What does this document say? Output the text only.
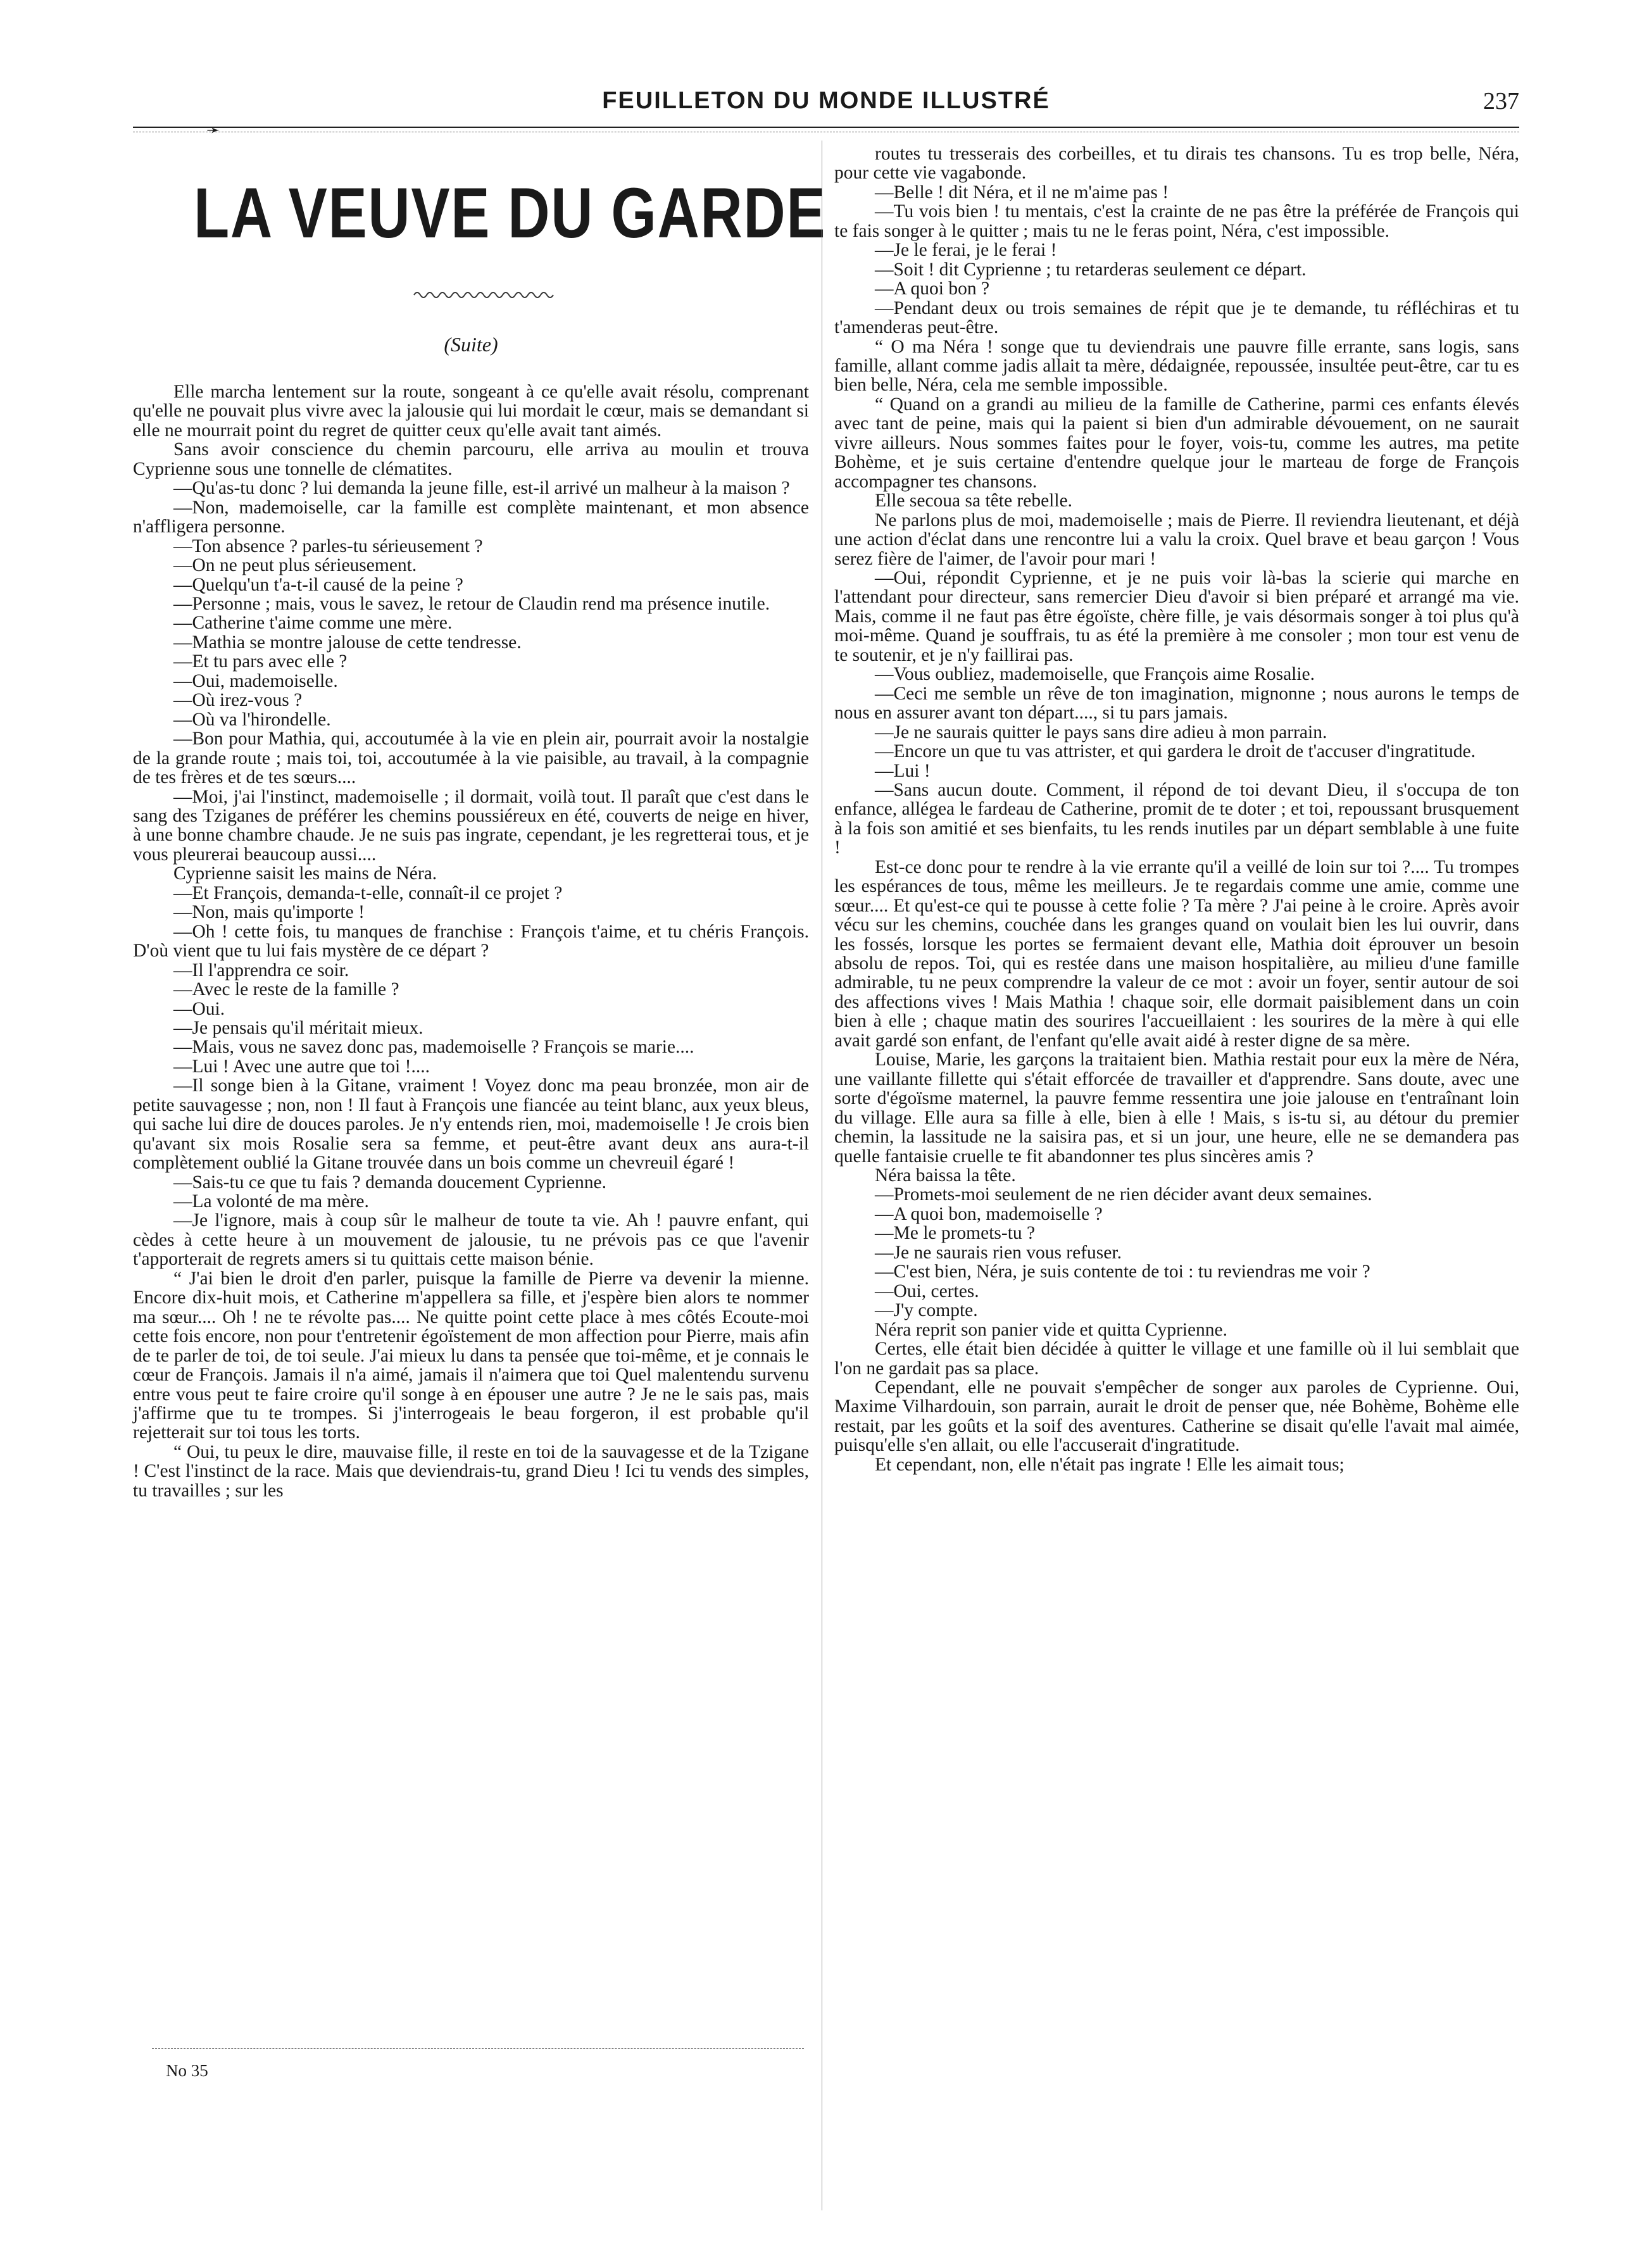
FEUILLETON DU MONDE ILLUSTRÉ	237
➛
LA VEUVE DU GARDE
(Suite)

Elle marcha lentement sur la route, songeant à ce qu'elle avait résolu, comprenant qu'elle ne pouvait plus vivre avec la jalousie qui lui mordait le cœur, mais se demandant si elle ne mourrait point du regret de quitter ceux qu'elle avait tant aimés.

Sans avoir conscience du chemin parcouru, elle arriva au moulin et trouva Cyprienne sous une tonnelle de clématites.

—Qu'as-tu donc ? lui demanda la jeune fille, est-il arrivé un malheur à la maison ?

—Non, mademoiselle, car la famille est complète maintenant, et mon absence n'affligera personne.

—Ton absence ? parles-tu sérieusement ?

—On ne peut plus sérieusement.

—Quelqu'un t'a-t-il causé de la peine ?

—Personne ; mais, vous le savez, le retour de Claudin rend ma présence inutile.

—Catherine t'aime comme une mère.

—Mathia se montre jalouse de cette tendresse.

—Et tu pars avec elle ?

—Oui, mademoiselle.

—Où irez-vous ?

—Où va l'hirondelle.

—Bon pour Mathia, qui, accoutumée à la vie en plein air, pourrait avoir la nostalgie de la grande route ; mais toi, toi, accoutumée à la vie paisible, au travail, à la compagnie de tes frères et de tes sœurs....

—Moi, j'ai l'instinct, mademoiselle ; il dormait, voilà tout. Il paraît que c'est dans le sang des Tziganes de préférer les chemins poussiéreux en été, couverts de neige en hiver, à une bonne chambre chaude. Je ne suis pas ingrate, cependant, je les regretterai tous, et je vous pleurerai beaucoup aussi....

Cyprienne saisit les mains de Néra.

—Et François, demanda-t-elle, connaît-il ce projet ?

—Non, mais qu'importe !

—Oh ! cette fois, tu manques de franchise : François t'aime, et tu chéris François. D'où vient que tu lui fais mystère de ce départ ?

—Il l'apprendra ce soir.

—Avec le reste de la famille ?

—Oui.

—Je pensais qu'il méritait mieux.

—Mais, vous ne savez donc pas, mademoiselle ? François se marie....

—Lui ! Avec une autre que toi !....

—Il songe bien à la Gitane, vraiment ! Voyez donc ma peau bronzée, mon air de petite sauvagesse ; non, non ! Il faut à François une fiancée au teint blanc, aux yeux bleus, qui sache lui dire de douces paroles. Je n'y entends rien, moi, mademoiselle ! Je crois bien qu'avant six mois Rosalie sera sa femme, et peut-être avant deux ans aura-t-il complètement oublié la Gitane trouvée dans un bois comme un chevreuil égaré !

—Sais-tu ce que tu fais ? demanda doucement Cyprienne.

—La volonté de ma mère.

—Je l'ignore, mais à coup sûr le malheur de toute ta vie. Ah ! pauvre enfant, qui cèdes à cette heure à un mouvement de jalousie, tu ne prévois pas ce que l'avenir t'apporterait de regrets amers si tu quittais cette maison bénie.

“ J'ai bien le droit d'en parler, puisque la famille de Pierre va devenir la mienne. Encore dix-huit mois, et Catherine m'appellera sa fille, et j'espère bien alors te nommer ma sœur.... Oh ! ne te révolte pas.... Ne quitte point cette place à mes côtés Ecoute-moi cette fois encore, non pour t'entretenir égoïstement de mon affection pour Pierre, mais afin de te parler de toi, de toi seule. J'ai mieux lu dans ta pensée que toi-même, et je connais le cœur de François. Jamais il n'a aimé, jamais il n'aimera que toi Quel malentendu survenu entre vous peut te faire croire qu'il songe à en épouser une autre ? Je ne le sais pas, mais j'affirme que tu te trompes. Si j'interrogeais le beau forgeron, il est probable qu'il rejetterait sur toi tous les torts.

“ Oui, tu peux le dire, mauvaise fille, il reste en toi de la sauvagesse et de la Tzigane ! C'est l'instinct de la race. Mais que deviendrais-tu, grand Dieu ! Ici tu vends des simples, tu travailles ; sur les

routes tu tresserais des corbeilles, et tu dirais tes chansons. Tu es trop belle, Néra, pour cette vie vagabonde.

—Belle ! dit Néra, et il ne m'aime pas !

—Tu vois bien ! tu mentais, c'est la crainte de ne pas être la préférée de François qui te fais songer à le quitter ; mais tu ne le feras point, Néra, c'est impossible.

—Je le ferai, je le ferai !

—Soit ! dit Cyprienne ; tu retarderas seulement ce départ.

—A quoi bon ?

—Pendant deux ou trois semaines de répit que je te demande, tu réfléchiras et tu t'amenderas peut-être.

“ O ma Néra ! songe que tu deviendrais une pauvre fille errante, sans logis, sans famille, allant comme jadis allait ta mère, dédaignée, repoussée, insultée peut-être, car tu es bien belle, Néra, cela me semble impossible.

“ Quand on a grandi au milieu de la famille de Catherine, parmi ces enfants élevés avec tant de peine, mais qui la paient si bien d'un admirable dévouement, on ne saurait vivre ailleurs. Nous sommes faites pour le foyer, vois-tu, comme les autres, ma petite Bohème, et je suis certaine d'entendre quelque jour le marteau de forge de François accompagner tes chansons.

Elle secoua sa tête rebelle.

Ne parlons plus de moi, mademoiselle ; mais de Pierre. Il reviendra lieutenant, et déjà une action d'éclat dans une rencontre lui a valu la croix. Quel brave et beau garçon ! Vous serez fière de l'aimer, de l'avoir pour mari !

—Oui, répondit Cyprienne, et je ne puis voir là-bas la scierie qui marche en l'attendant pour directeur, sans remercier Dieu d'avoir si bien préparé et arrangé ma vie. Mais, comme il ne faut pas être égoïste, chère fille, je vais désormais songer à toi plus qu'à moi-même. Quand je souffrais, tu as été la première à me consoler ; mon tour est venu de te soutenir, et je n'y faillirai pas.

—Vous oubliez, mademoiselle, que François aime Rosalie.

—Ceci me semble un rêve de ton imagination, mignonne ; nous aurons le temps de nous en assurer avant ton départ...., si tu pars jamais.

—Je ne saurais quitter le pays sans dire adieu à mon parrain.

—Encore un que tu vas attrister, et qui gardera le droit de t'accuser d'ingratitude.

—Lui !

—Sans aucun doute. Comment, il répond de toi devant Dieu, il s'occupa de ton enfance, allégea le fardeau de Catherine, promit de te doter ; et toi, repoussant brusquement à la fois son amitié et ses bienfaits, tu les rends inutiles par un départ semblable à une fuite !

Est-ce donc pour te rendre à la vie errante qu'il a veillé de loin sur toi ?.... Tu trompes les espérances de tous, même les meilleurs. Je te regardais comme une amie, comme une sœur.... Et qu'est-ce qui te pousse à cette folie ? Ta mère ? J'ai peine à le croire. Après avoir vécu sur les chemins, couchée dans les granges quand on voulait bien les lui ouvrir, dans les fossés, lorsque les portes se fermaient devant elle, Mathia doit éprouver un besoin absolu de repos. Toi, qui es restée dans une maison hospitalière, au milieu d'une famille admirable, tu ne peux comprendre la valeur de ce mot : avoir un foyer, sentir autour de soi des affections vives ! Mais Mathia ! chaque soir, elle dormait paisiblement dans un coin bien à elle ; chaque matin des sourires l'accueillaient : les sourires de la mère à qui elle avait gardé son enfant, de l'enfant qu'elle avait aidé à rester digne de sa mère.

Louise, Marie, les garçons la traitaient bien. Mathia restait pour eux la mère de Néra, une vaillante fillette qui s'était efforcée de travailler et d'apprendre. Sans doute, avec une sorte d'égoïsme maternel, la pauvre femme ressentira une joie jalouse en t'entraînant loin du village. Elle aura sa fille à elle, bien à elle ! Mais, s is-tu si, au détour du premier chemin, la lassitude ne la saisira pas, et si un jour, une heure, elle ne se demandera pas quelle fantaisie cruelle te fit abandonner tes plus sincères amis ?

Néra baissa la tête.

—Promets-moi seulement de ne rien décider avant deux semaines.

—A quoi bon, mademoiselle ?

—Me le promets-tu ?

—Je ne saurais rien vous refuser.

—C'est bien, Néra, je suis contente de toi : tu reviendras me voir ?

—Oui, certes.

—J'y compte.

Néra reprit son panier vide et quitta Cyprienne.

Certes, elle était bien décidée à quitter le village et une famille où il lui semblait que l'on ne gardait pas sa place.

Cependant, elle ne pouvait s'empêcher de songer aux paroles de Cyprienne. Oui, Maxime Vilhardouin, son parrain, aurait le droit de penser que, née Bohème, Bohème elle restait, par les goûts et la soif des aventures. Catherine se disait qu'elle l'avait mal aimée, puisqu'elle s'en allait, ou elle l'accuserait d'ingratitude.

Et cependant, non, elle n'était pas ingrate ! Elle les aimait tous;

No 35
